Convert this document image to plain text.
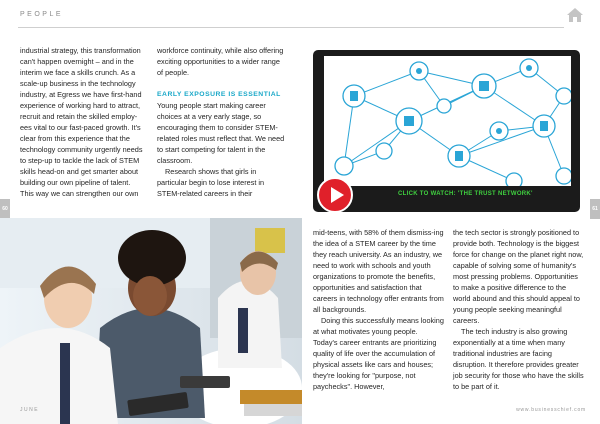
PEOPLE

industrial strategy, this transformation can't happen overnight – and in the interim we face a skills crunch. As a scale-up business in the technology industry, at Egress we have first-hand experience of working hard to attract, recruit and retain the skilled employ-ees vital to our fast-paced growth. It's clear from this experience that the technology community urgently needs to step-up to tackle the lack of STEM skills head-on and get smarter about building our own pipeline of talent. This way we can strengthen our own

workforce continuity, while also offering exciting opportunities to a wider range of people.

EARLY EXPOSURE IS ESSENTIAL

Young people start making career choices at a very early stage, so encouraging them to consider STEM-related roles must reflect that. We need to start competing for talent in the classroom.

Research shows that girls in particular begin to lose interest in STEM-related careers in their

60	61
CLICK TO WATCH: 'THE TRUST NETWORK'

mid-teens, with 58% of them dismiss-ing the idea of a STEM career by the time they reach university. As an industry, we need to work with schools and youth organizations to promote the benefits, opportunities and satisfaction that careers in technology offer entrants from all backgrounds.

Doing this successfully means looking at what motivates young people. Today's career entrants are prioritizing quality of life over the accumulation of physical assets like cars and houses; they're looking for "purpose, not paychecks". However,

the tech sector is strongly positioned to provide both. Technology is the biggest force for change on the planet right now, capable of solving some of humanity's most pressing problems. Opportunities to make a positive difference to the world abound and this should appeal to young people seeking meaningful careers.

The tech industry is also growing exponentially at a time when many traditional industries are facing disruption. It therefore provides greater job security for those who have the skills to be part of it.

JUNE	www.businesschief.com
